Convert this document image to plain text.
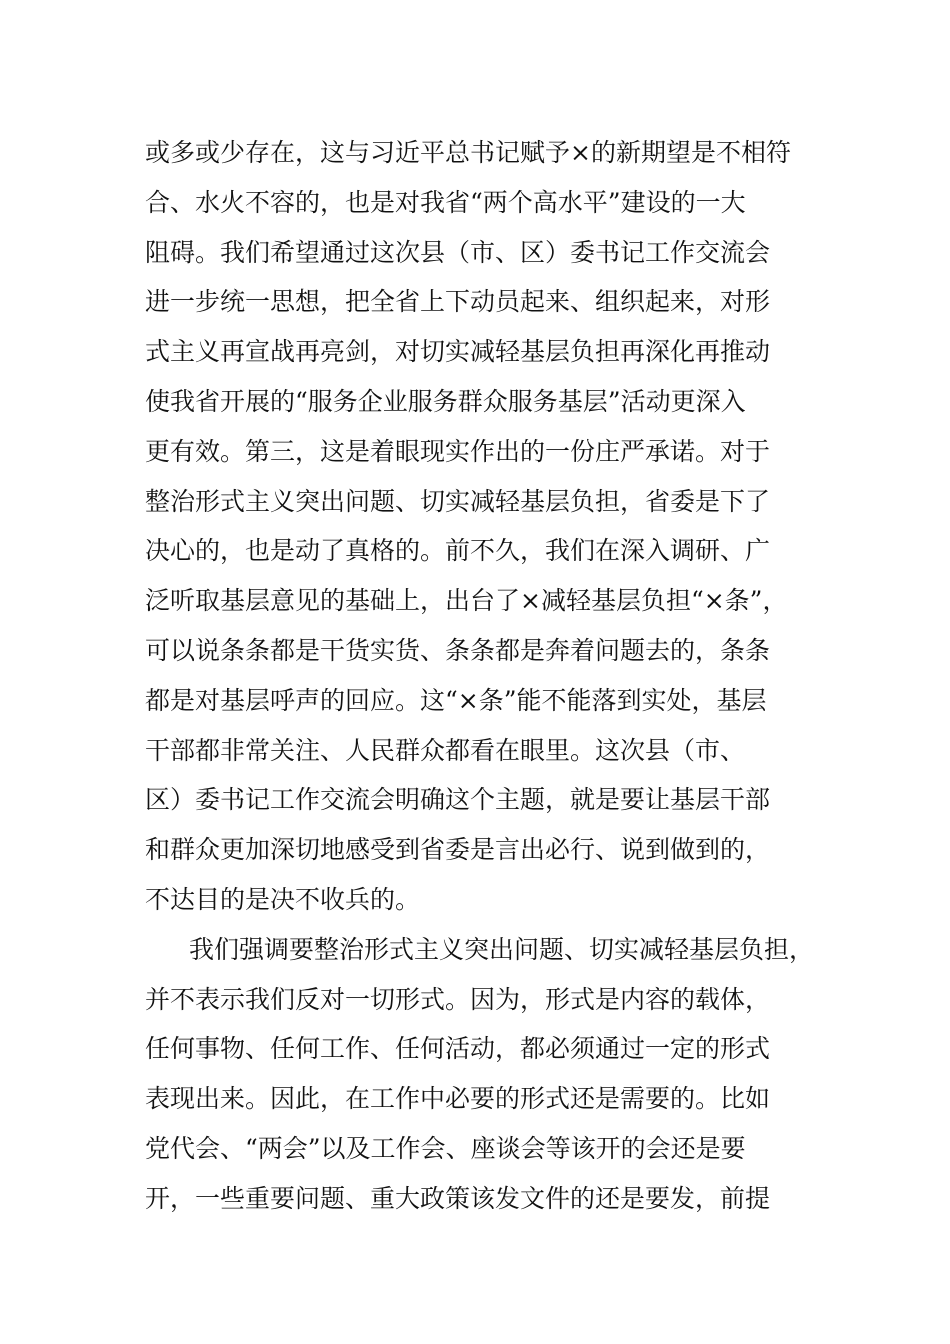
或多或少存在，这与习近平总书记赋予×的新期望是不相符
合、水火不容的，也是对我省“两个高水平”建设的一大
阻碍。我们希望通过这次县（市、区）委书记工作交流会
进一步统一思想，把全省上下动员起来、组织起来，对形
式主义再宣战再亮剑，对切实减轻基层负担再深化再推动
使我省开展的“服务企业服务群众服务基层”活动更深入
更有效。第三，这是着眼现实作出的一份庄严承诺。对于
整治形式主义突出问题、切实减轻基层负担，省委是下了
决心的，也是动了真格的。前不久，我们在深入调研、广
泛听取基层意见的基础上，出台了×减轻基层负担“×条”，
可以说条条都是干货实货、条条都是奔着问题去的，条条
都是对基层呼声的回应。这“×条”能不能落到实处，基层
干部都非常关注、人民群众都看在眼里。这次县（市、
区）委书记工作交流会明确这个主题，就是要让基层干部
和群众更加深切地感受到省委是言出必行、说到做到的，
不达目的是决不收兵的。
我们强调要整治形式主义突出问题、切实减轻基层负担，
并不表示我们反对一切形式。因为，形式是内容的载体，
任何事物、任何工作、任何活动，都必须通过一定的形式
表现出来。因此，在工作中必要的形式还是需要的。比如
党代会、“两会”以及工作会、座谈会等该开的会还是要
开，一些重要问题、重大政策该发文件的还是要发，前提
